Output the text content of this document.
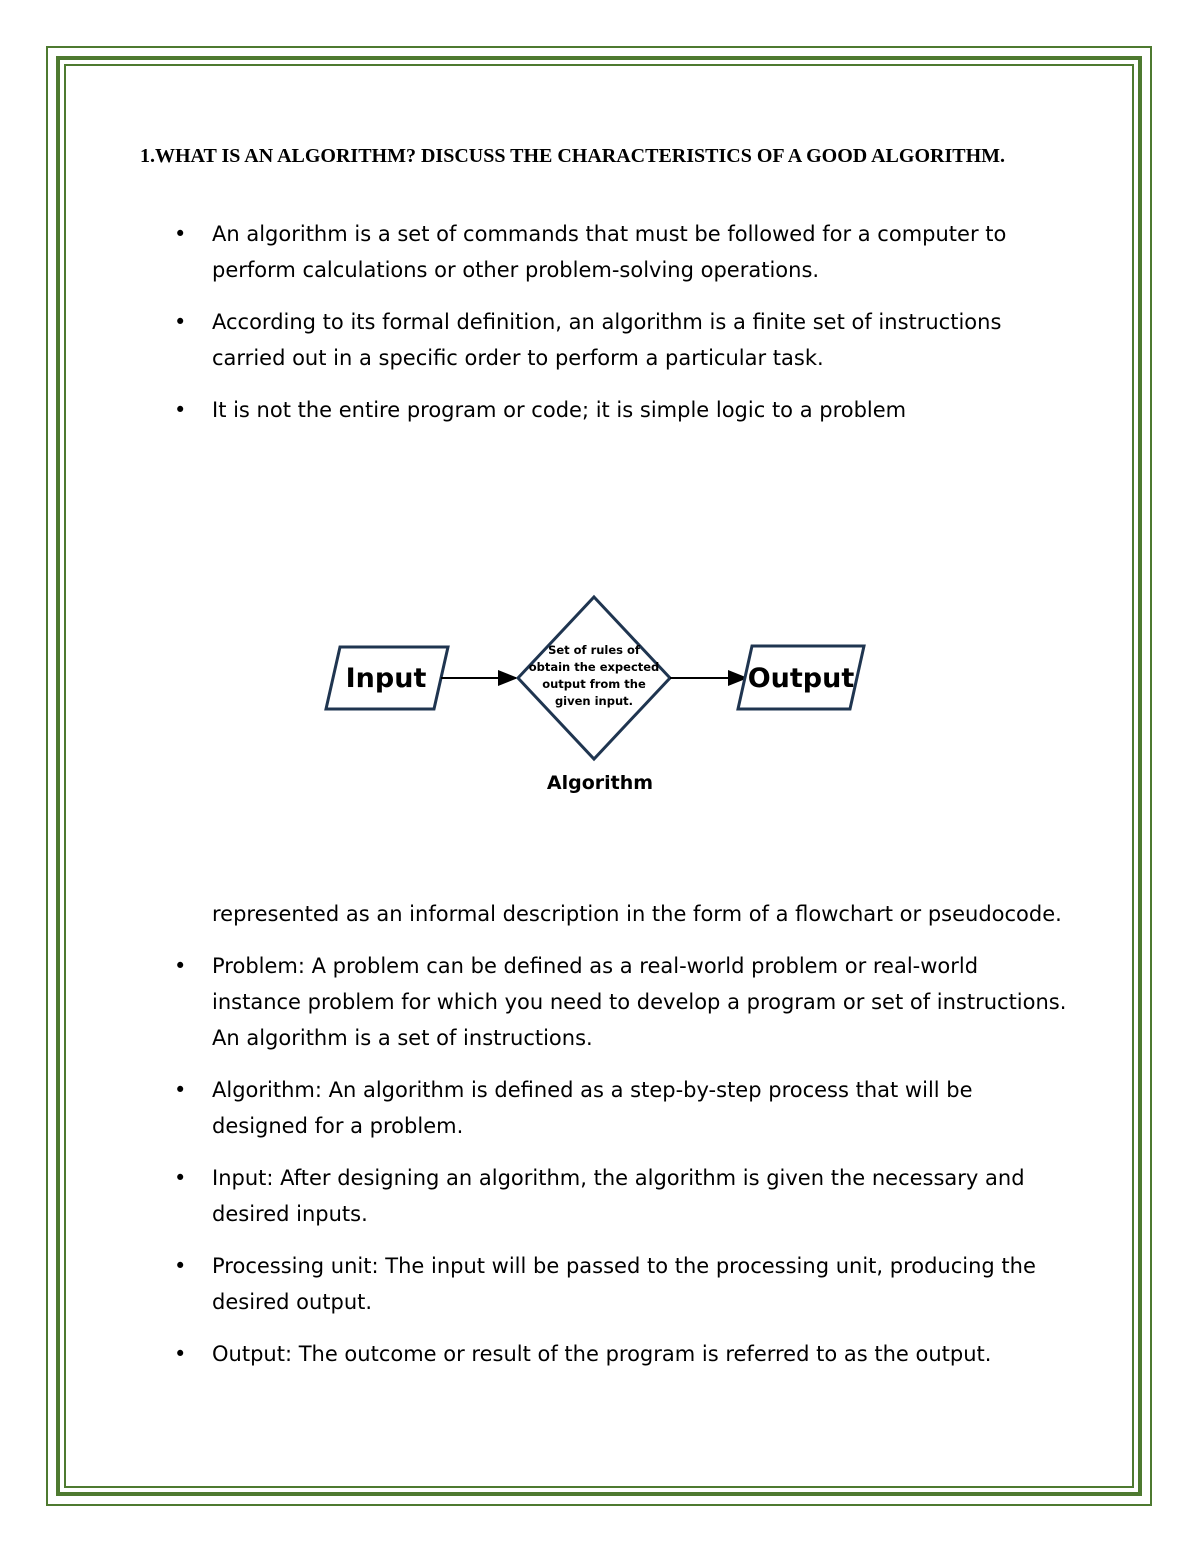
1.WHAT IS AN ALGORITHM? DISCUSS THE CHARACTERISTICS OF A GOOD ALGORITHM.
• An algorithm is a set of commands that must be followed for a computer to perform calculations or other problem-solving operations.
• According to its formal definition, an algorithm is a finite set of instructions carried out in a specific order to perform a particular task.
• It is not the entire program or code; it is simple logic to a problem
Input
Set of rules of
obtain the expected
output from the
given input.
Output
Algorithm
represented as an informal description in the form of a flowchart or pseudocode.
• Problem: A problem can be defined as a real-world problem or real-world instance problem for which you need to develop a program or set of instructions. An algorithm is a set of instructions.
• Algorithm: An algorithm is defined as a step-by-step process that will be designed for a problem.
• Input: After designing an algorithm, the algorithm is given the necessary and desired inputs.
• Processing unit: The input will be passed to the processing unit, producing the desired output.
• Output: The outcome or result of the program is referred to as the output.
